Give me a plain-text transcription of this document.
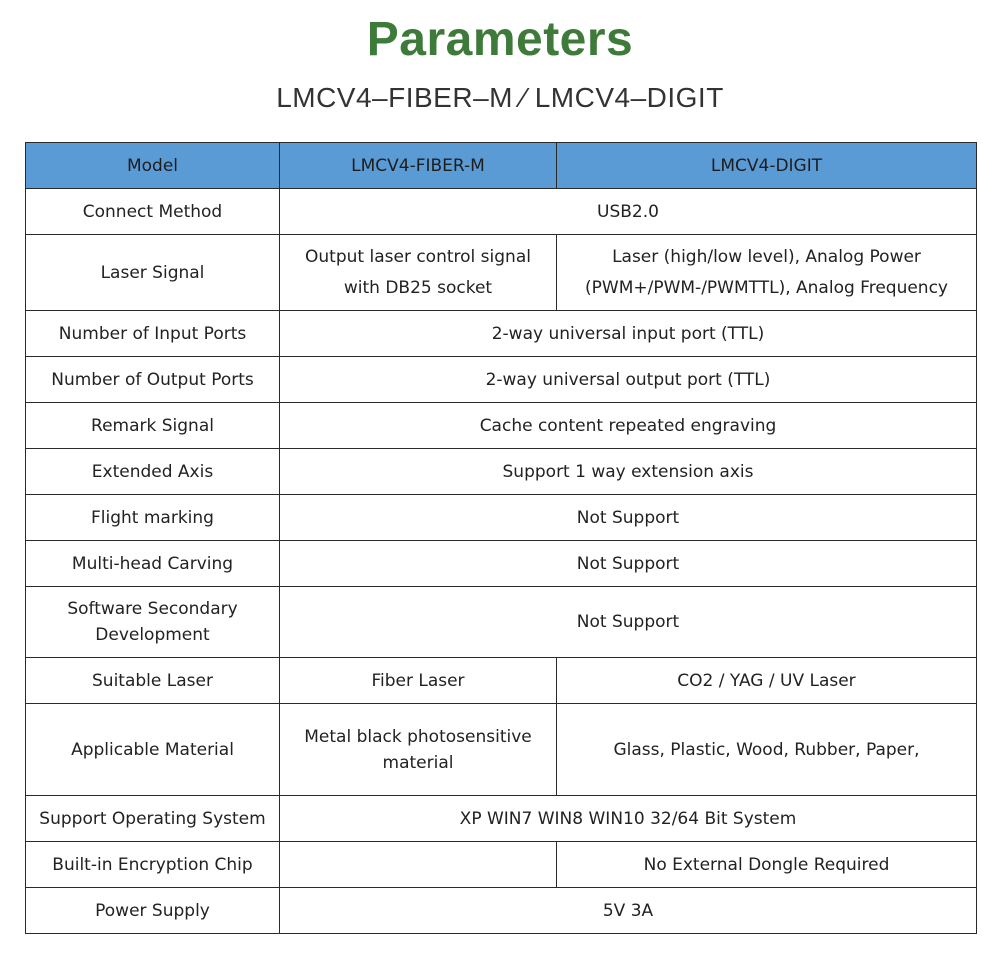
Parameters
LMCV4–FIBER–M ⁄ LMCV4–DIGIT
Model	LMCV4-FIBER-M	LMCV4-DIGIT
Connect Method	USB2.0	
Laser Signal	Output laser control signal with DB25 socket	Laser (high/low level), Analog Power (PWM+/PWM-/PWMTTL), Analog Frequency
Number of Input Ports	2-way universal input port (TTL)	
Number of Output Ports	2-way universal output port (TTL)	
Remark Signal	Cache content repeated engraving	
Extended Axis	Support 1 way extension axis	
Flight marking	Not Support	
Multi-head Carving	Not Support	
Software Secondary Development	Not Support	
Suitable Laser	Fiber Laser	CO2 / YAG / UV Laser
Applicable Material	Metal black photosensitive material	Glass, Plastic, Wood, Rubber, Paper,
Support Operating System	XP WIN7 WIN8 WIN10 32/64 Bit System	
Built-in Encryption Chip		No External Dongle Required
Power Supply	5V 3A	
